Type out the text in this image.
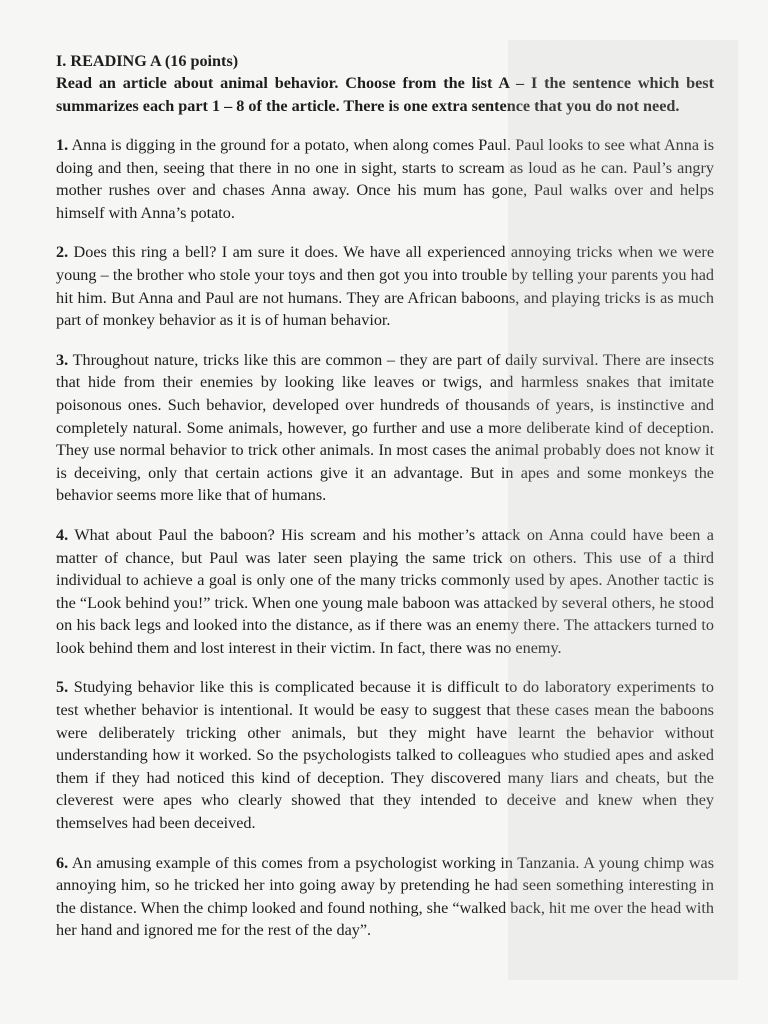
I. READING A (16 points)

Read an article about animal behavior. Choose from the list A – I the sentence which best summarizes each part 1 – 8 of the article. There is one extra sentence that you do not need.

1. Anna is digging in the ground for a potato, when along comes Paul. Paul looks to see what Anna is doing and then, seeing that there in no one in sight, starts to scream as loud as he can. Paul’s angry mother rushes over and chases Anna away. Once his mum has gone, Paul walks over and helps himself with Anna’s potato.

2. Does this ring a bell? I am sure it does. We have all experienced annoying tricks when we were young – the brother who stole your toys and then got you into trouble by telling your parents you had hit him. But Anna and Paul are not humans. They are African baboons, and playing tricks is as much part of monkey behavior as it is of human behavior.

3. Throughout nature, tricks like this are common – they are part of daily survival. There are insects that hide from their enemies by looking like leaves or twigs, and harmless snakes that imitate poisonous ones. Such behavior, developed over hundreds of thousands of years, is instinctive and completely natural. Some animals, however, go further and use a more deliberate kind of deception. They use normal behavior to trick other animals. In most cases the animal probably does not know it is deceiving, only that certain actions give it an advantage. But in apes and some monkeys the behavior seems more like that of humans.

4. What about Paul the baboon? His scream and his mother’s attack on Anna could have been a matter of chance, but Paul was later seen playing the same trick on others. This use of a third individual to achieve a goal is only one of the many tricks commonly used by apes. Another tactic is the “Look behind you!” trick. When one young male baboon was attacked by several others, he stood on his back legs and looked into the distance, as if there was an enemy there. The attackers turned to look behind them and lost interest in their victim. In fact, there was no enemy.

5. Studying behavior like this is complicated because it is difficult to do laboratory experiments to test whether behavior is intentional. It would be easy to suggest that these cases mean the baboons were deliberately tricking other animals, but they might have learnt the behavior without understanding how it worked. So the psychologists talked to colleagues who studied apes and asked them if they had noticed this kind of deception. They discovered many liars and cheats, but the cleverest were apes who clearly showed that they intended to deceive and knew when they themselves had been deceived.

6. An amusing example of this comes from a psychologist working in Tanzania. A young chimp was annoying him, so he tricked her into going away by pretending he had seen something interesting in the distance. When the chimp looked and found nothing, she “walked back, hit me over the head with her hand and ignored me for the rest of the day”.
